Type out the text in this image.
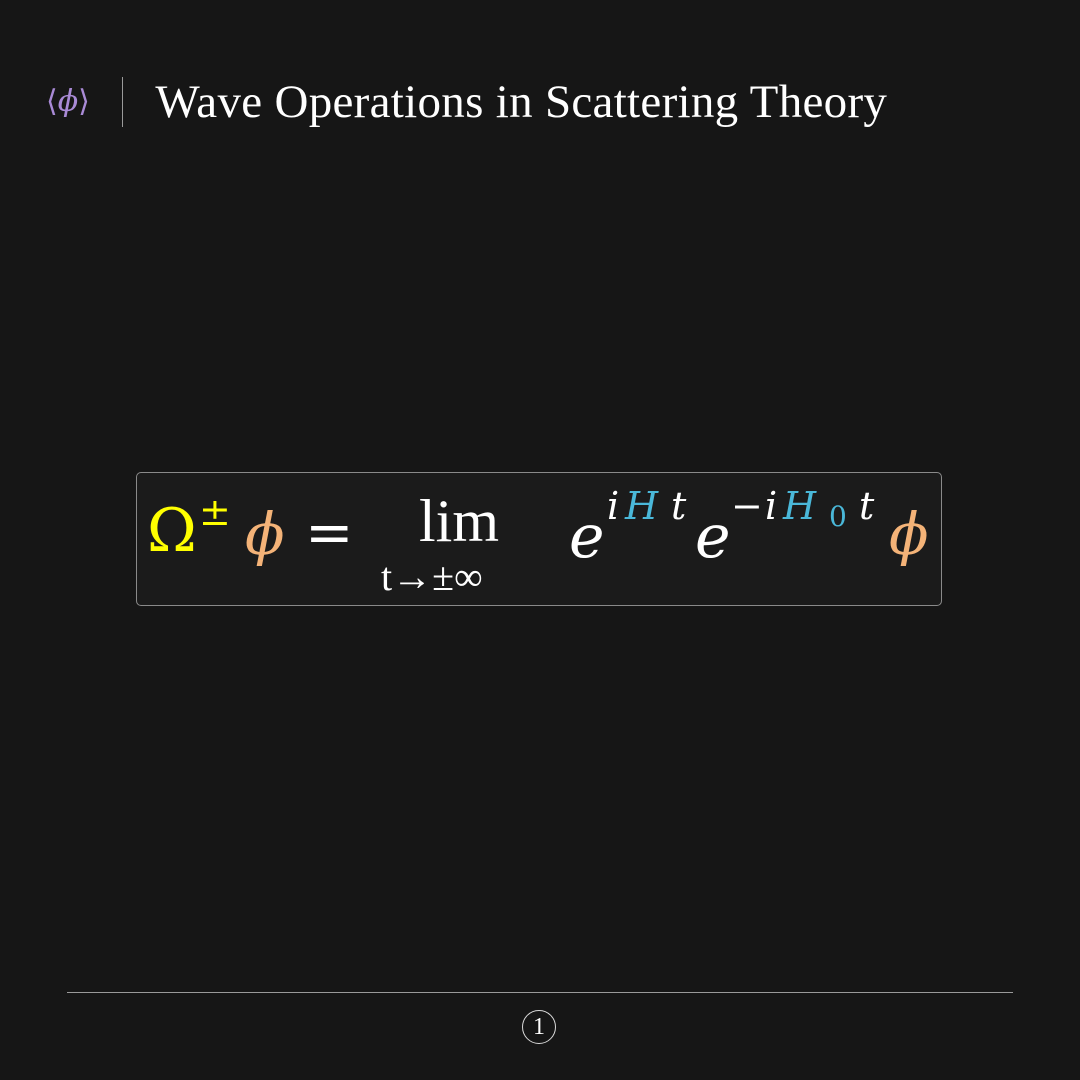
⟨ϕ⟩ Wave Operations in Scattering Theory
Ω ± ϕ = lim
t→±∞
e i H t e − i H 0 t ϕ
1
